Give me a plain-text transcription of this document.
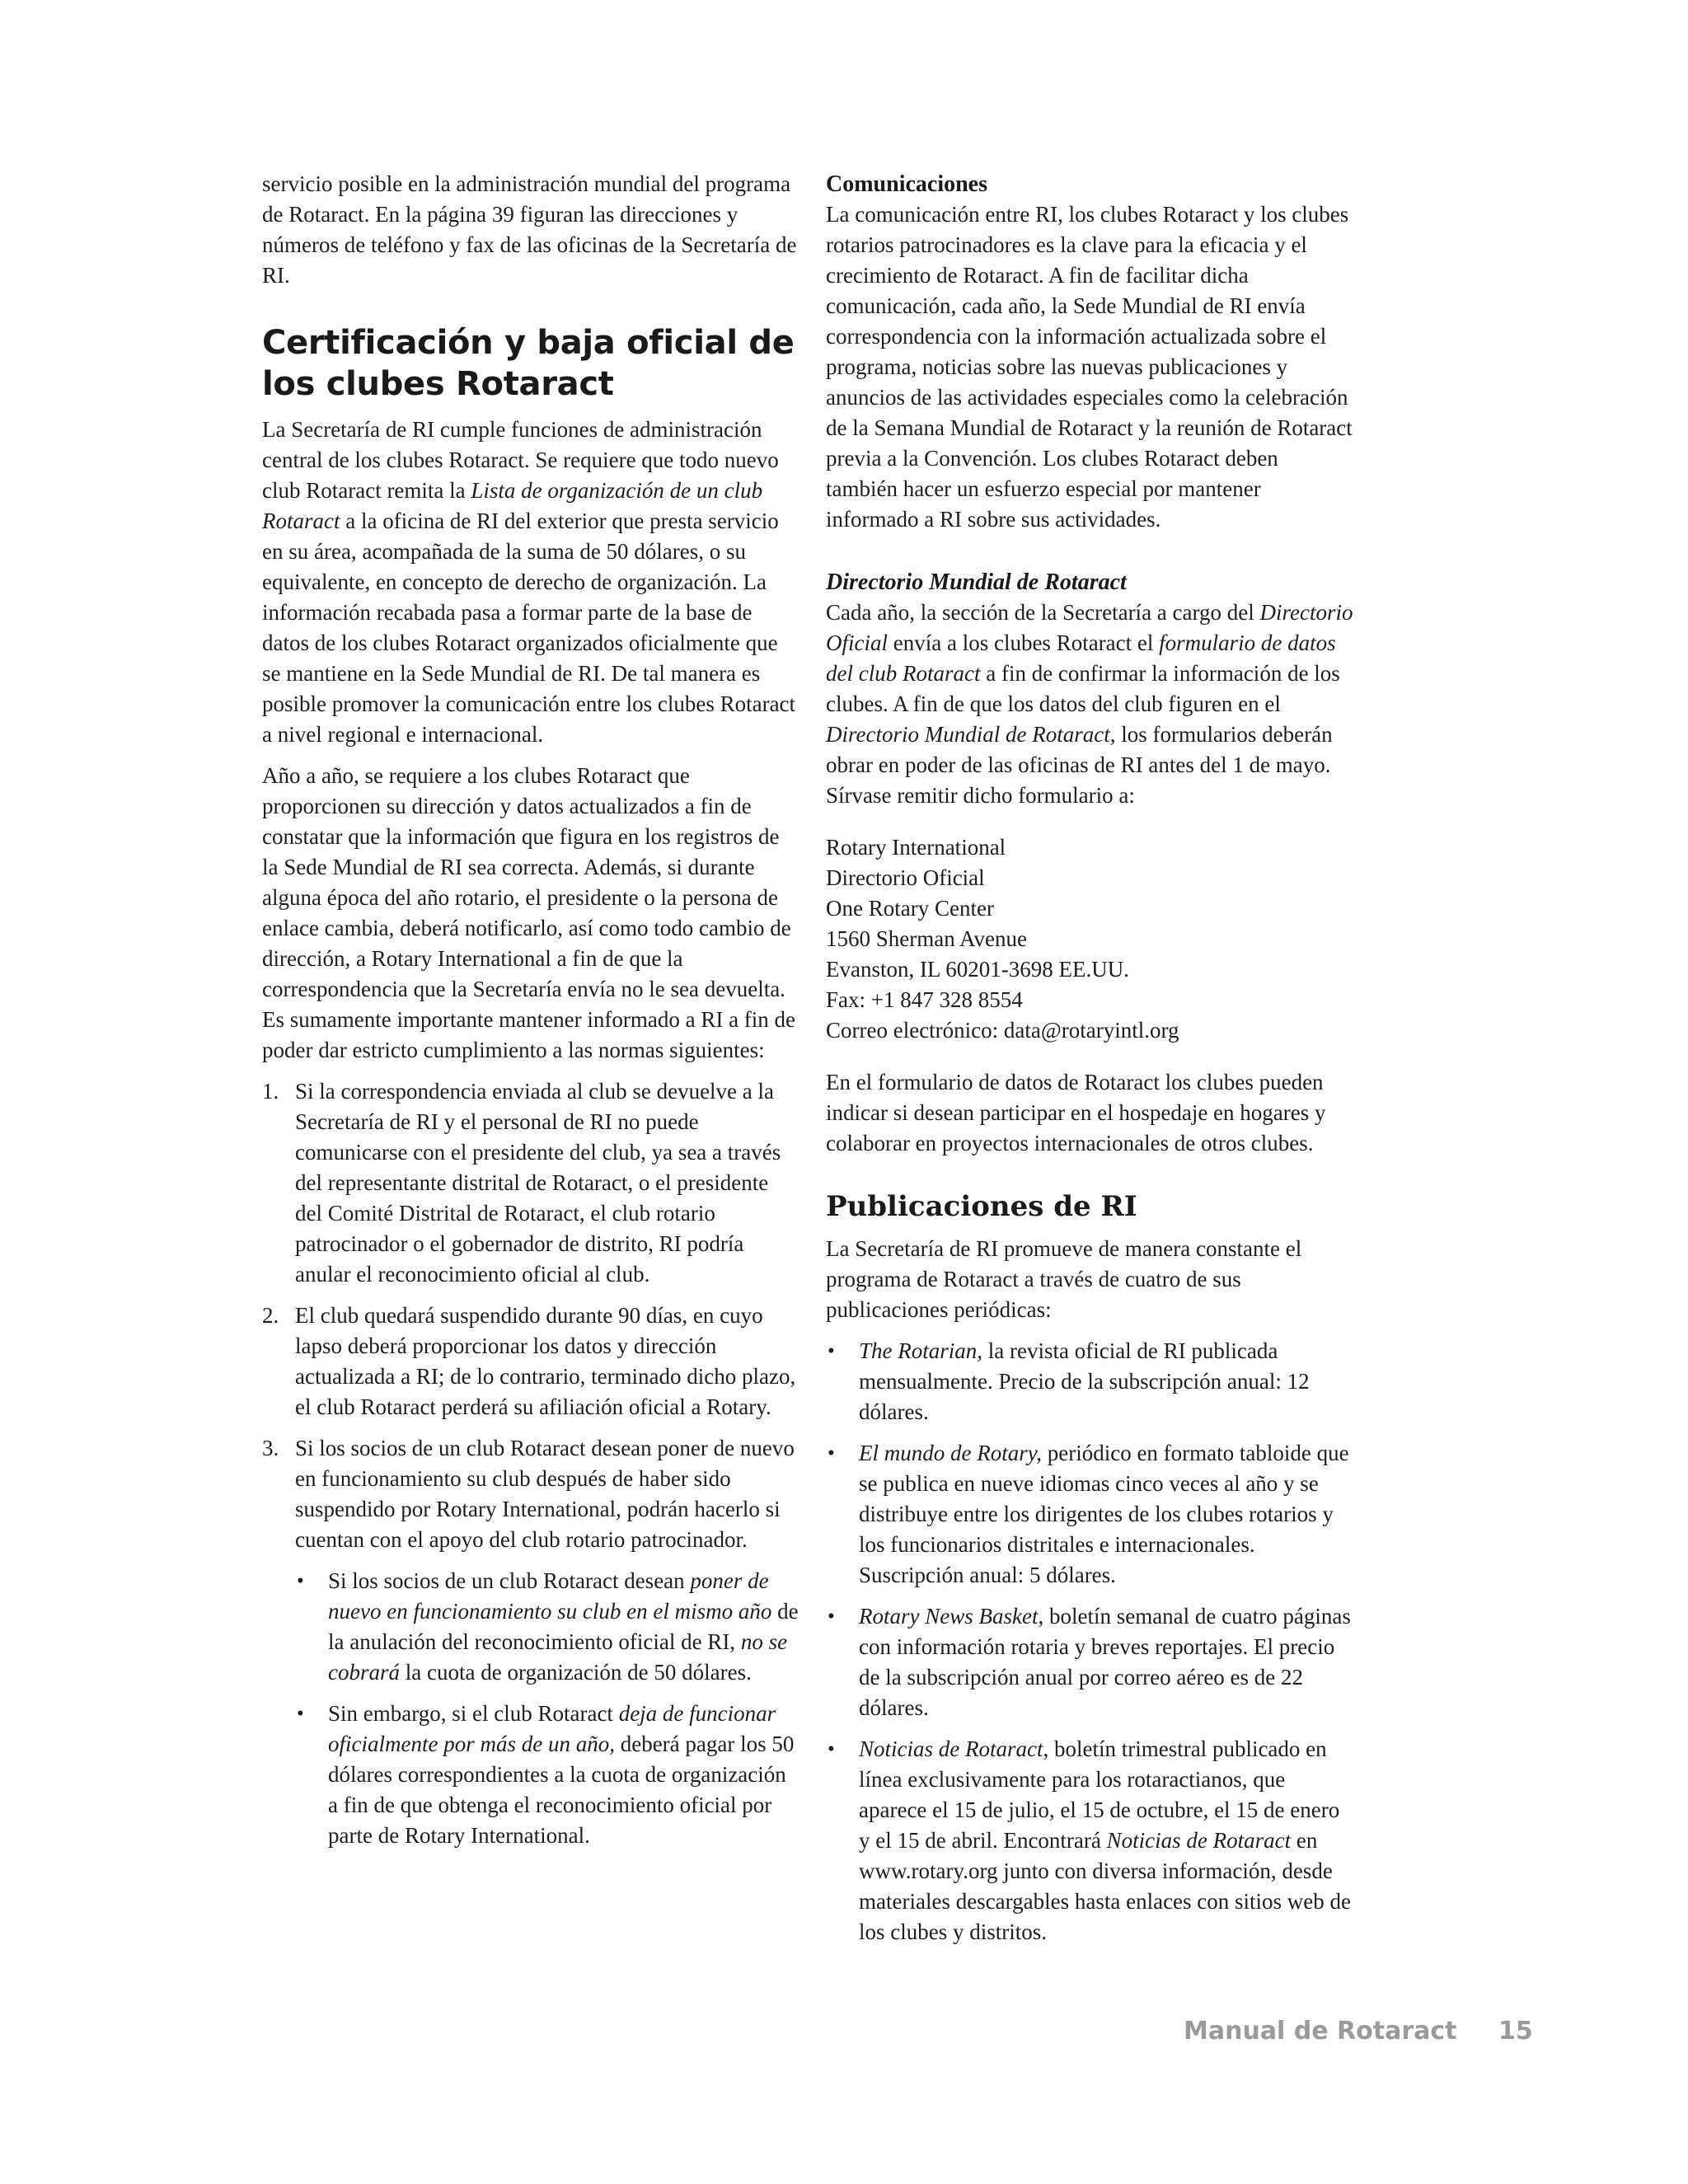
servicio posible en la administración mundial del programa de Rotaract. En la página 39 figuran las direcciones y números de teléfono y fax de las oficinas de la Secretaría de RI.

Certificación y baja oficial de los clubes Rotaract

La Secretaría de RI cumple funciones de administración central de los clubes Rotaract. Se requiere que todo nuevo club Rotaract remita la Lista de organización de un club Rotaract a la oficina de RI del exterior que presta servicio en su área, acompañada de la suma de 50 dólares, o su equivalente, en concepto de derecho de organización. La información recabada pasa a formar parte de la base de datos de los clubes Rotaract organizados oficialmente que se mantiene en la Sede Mundial de RI. De tal manera es posible promover la comunicación entre los clubes Rotaract a nivel regional e internacional.

Año a año, se requiere a los clubes Rotaract que proporcionen su dirección y datos actualizados a fin de constatar que la información que figura en los registros de la Sede Mundial de RI sea correcta. Además, si durante alguna época del año rotario, el presidente o la persona de enlace cambia, deberá notificarlo, así como todo cambio de dirección, a Rotary International a fin de que la correspondencia que la Secretaría envía no le sea devuelta. Es sumamente importante mantener informado a RI a fin de poder dar estricto cumplimiento a las normas siguientes:

1. Si la correspondencia enviada al club se devuelve a la Secretaría de RI y el personal de RI no puede comunicarse con el presidente del club, ya sea a través del representante distrital de Rotaract, o el presidente del Comité Distrital de Rotaract, el club rotario patrocinador o el gobernador de distrito, RI podría anular el reconocimiento oficial al club.
2. El club quedará suspendido durante 90 días, en cuyo lapso deberá proporcionar los datos y dirección actualizada a RI; de lo contrario, terminado dicho plazo, el club Rotaract perderá su afiliación oficial a Rotary.
3. Si los socios de un club Rotaract desean poner de nuevo en funcionamiento su club después de haber sido suspendido por Rotary International, podrán hacerlo si cuentan con el apoyo del club rotario patrocinador.
• Si los socios de un club Rotaract desean poner de nuevo en funcionamiento su club en el mismo año de la anulación del reconocimiento oficial de RI, no se cobrará la cuota de organización de 50 dólares.
• Sin embargo, si el club Rotaract deja de funcionar oficialmente por más de un año, deberá pagar los 50 dólares correspondientes a la cuota de organización a fin de que obtenga el reconocimiento oficial por parte de Rotary International.
Comunicaciones

La comunicación entre RI, los clubes Rotaract y los clubes rotarios patrocinadores es la clave para la eficacia y el crecimiento de Rotaract. A fin de facilitar dicha comunicación, cada año, la Sede Mundial de RI envía correspondencia con la información actualizada sobre el programa, noticias sobre las nuevas publicaciones y anuncios de las actividades especiales como la celebración de la Semana Mundial de Rotaract y la reunión de Rotaract previa a la Convención. Los clubes Rotaract deben también hacer un esfuerzo especial por mantener informado a RI sobre sus actividades.

Directorio Mundial de Rotaract

Cada año, la sección de la Secretaría a cargo del Directorio Oficial envía a los clubes Rotaract el formulario de datos del club Rotaract a fin de confirmar la información de los clubes. A fin de que los datos del club figuren en el Directorio Mundial de Rotaract, los formularios deberán obrar en poder de las oficinas de RI antes del 1 de mayo. Sírvase remitir dicho formulario a:

Rotary International
Directorio Oficial
One Rotary Center
1560 Sherman Avenue
Evanston, IL 60201-3698 EE.UU.
Fax: +1 847 328 8554
Correo electrónico: data@rotaryintl.org

En el formulario de datos de Rotaract los clubes pueden indicar si desean participar en el hospedaje en hogares y colaborar en proyectos internacionales de otros clubes.

Publicaciones de RI

La Secretaría de RI promueve de manera constante el programa de Rotaract a través de cuatro de sus publicaciones periódicas:

• The Rotarian, la revista oficial de RI publicada mensualmente. Precio de la subscripción anual: 12 dólares.
• El mundo de Rotary, periódico en formato tabloide que se publica en nueve idiomas cinco veces al año y se distribuye entre los dirigentes de los clubes rotarios y los funcionarios distritales e internacionales. Suscripción anual: 5 dólares.
• Rotary News Basket, boletín semanal de cuatro páginas con información rotaria y breves reportajes. El precio de la subscripción anual por correo aéreo es de 22 dólares.
• Noticias de Rotaract, boletín trimestral publicado en línea exclusivamente para los rotaractianos, que aparece el 15 de julio, el 15 de octubre, el 15 de enero y el 15 de abril. Encontrará Noticias de Rotaract en www.rotary.org junto con diversa información, desde materiales descargables hasta enlaces con sitios web de los clubes y distritos.
Manual de Rotaract 15
